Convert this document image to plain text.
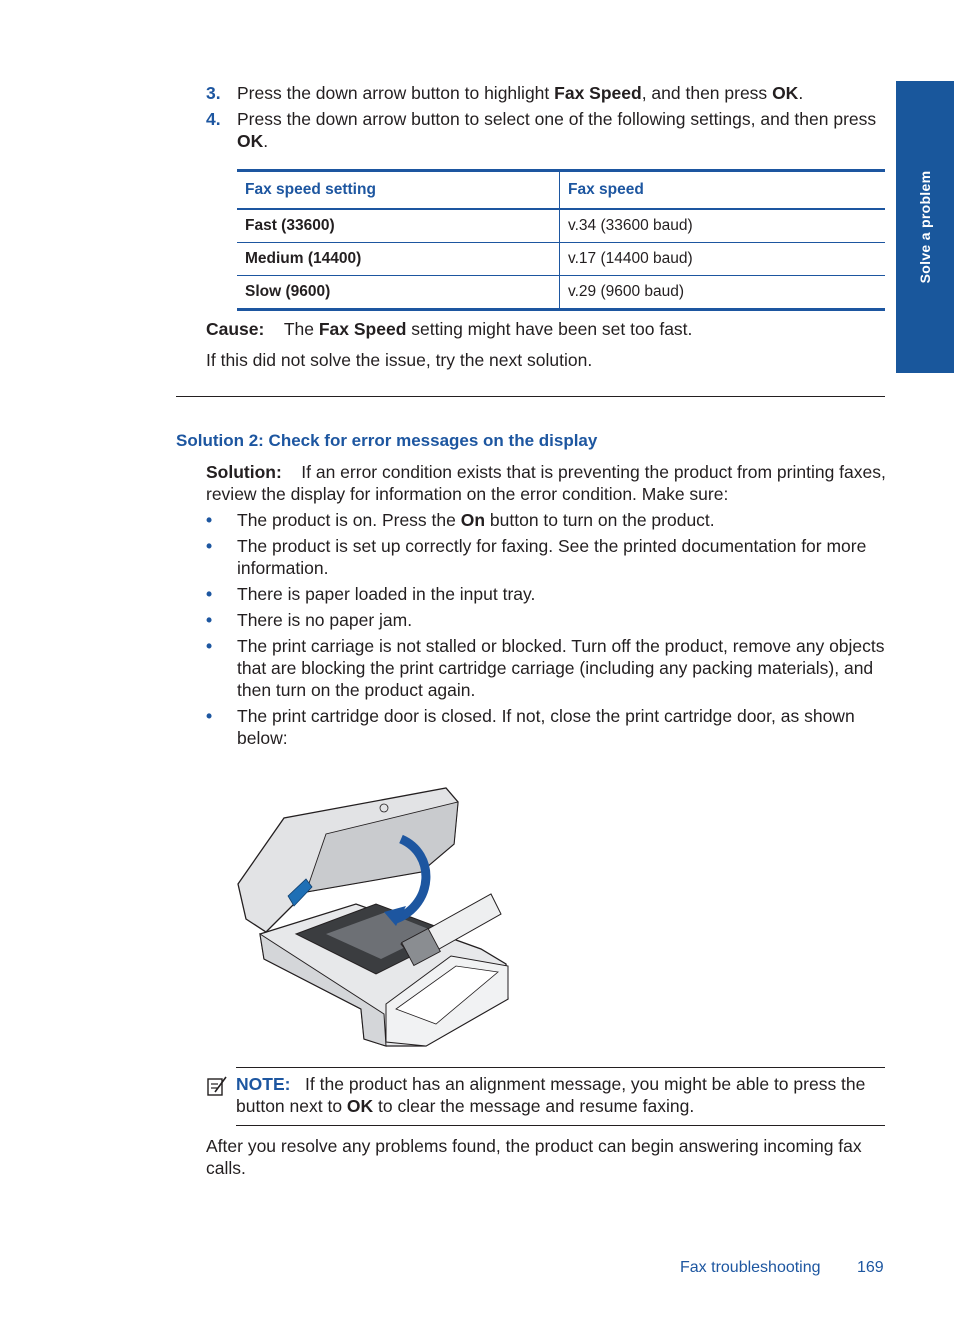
Solve a problem
3. Press the down arrow button to highlight Fax Speed, and then press OK.
4. Press the down arrow button to select one of the following settings, and then press OK.
Fax speed setting	Fax speed
Fast (33600)	v.34 (33600 baud)
Medium (14400)	v.17 (14400 baud)
Slow (9600)	v.29 (9600 baud)
Cause: The Fax Speed setting might have been set too fast.
If this did not solve the issue, try the next solution.
Solution 2: Check for error messages on the display
Solution: If an error condition exists that is preventing the product from printing faxes, review the display for information on the error condition. Make sure:
• The product is on. Press the On button to turn on the product.
• The product is set up correctly for faxing. See the printed documentation for more information.
• There is paper loaded in the input tray.
• There is no paper jam.
• The print carriage is not stalled or blocked. Turn off the product, remove any objects that are blocking the print cartridge carriage (including any packing materials), and then turn on the product again.
• The print cartridge door is closed. If not, close the print cartridge door, as shown below:
NOTE: If the product has an alignment message, you might be able to press the button next to OK to clear the message and resume faxing.
After you resolve any problems found, the product can begin answering incoming fax calls.
Fax troubleshooting 169
